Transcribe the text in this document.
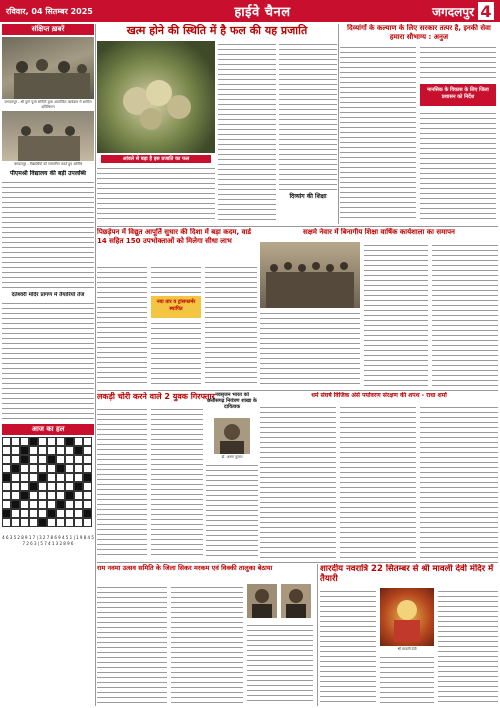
रविवार, 04 सितम्बर 2025	हाईवे चैनल	जगदलपुर 4
संक्षिप्त ख़बरें
जगदलपुर - श्री दुर्गा पूजा समिति द्वारा आयोजित कार्यक्रम में शामिल अतिथिगण
जगदलपुर - विद्यार्थियों को सम्मानित करते हुए अतिथि
पीएमश्री विद्यालय की बड़ी उपलब्धि
दंतेश्वरी मंदिर प्रांगण में तैयारियाँ तेज
आज का हल
4 6 3 5 2 8 9 1 7 | 3 2 7 8 6 9 4 5 1 | 1 9 8 4 5 7 2 6 3 | 5 7 4 1 3 2 8 9 6
खत्म होने की स्थिति में है फल की यह प्रजाति
आंवले से बड़ा है इस प्रजाति का फल
दिव्यांग की शिक्षा
दिव्यांगों के कल्याण के लिए सरकार तत्पर है, इनकी सेवा हमारा सौभाग्य : अनुज
मानसिक के विकास के लिए जिला प्रशासन को निर्देश
पिछड़ेपन में विद्युत आपूर्ति सुधार की दिशा में बड़ा कदम, वार्ड 14 सहित 150 उपभोक्ताओं को मिलेगा सीधा लाभ
नया तार व ट्रांसफार्मर स्थापित
सक्षमे नेवार में बिनागीय शिक्षा वार्षिक कार्यशाला का समापन
लकड़ी चोरी करने वाले 2 युवक गिरफ्तार नवसृजन भारत को छत्तीसगढ़ नियंत्रण शाखा के दायित्वक
डॉ. अरुण कुमार
धर्म संघर्ष विजिक अंसे पर्यावरण संरक्षण की शपथ - राधा शर्मा
राम नवमा उत्सव समिति के जिला सिकर मरकम एवं विक्की तालुका बेठाया	शारदीय नवरात्रि 22 सितम्बर से श्री मावली देवी मंदिर में तैयारी
श्री मावली देवी
